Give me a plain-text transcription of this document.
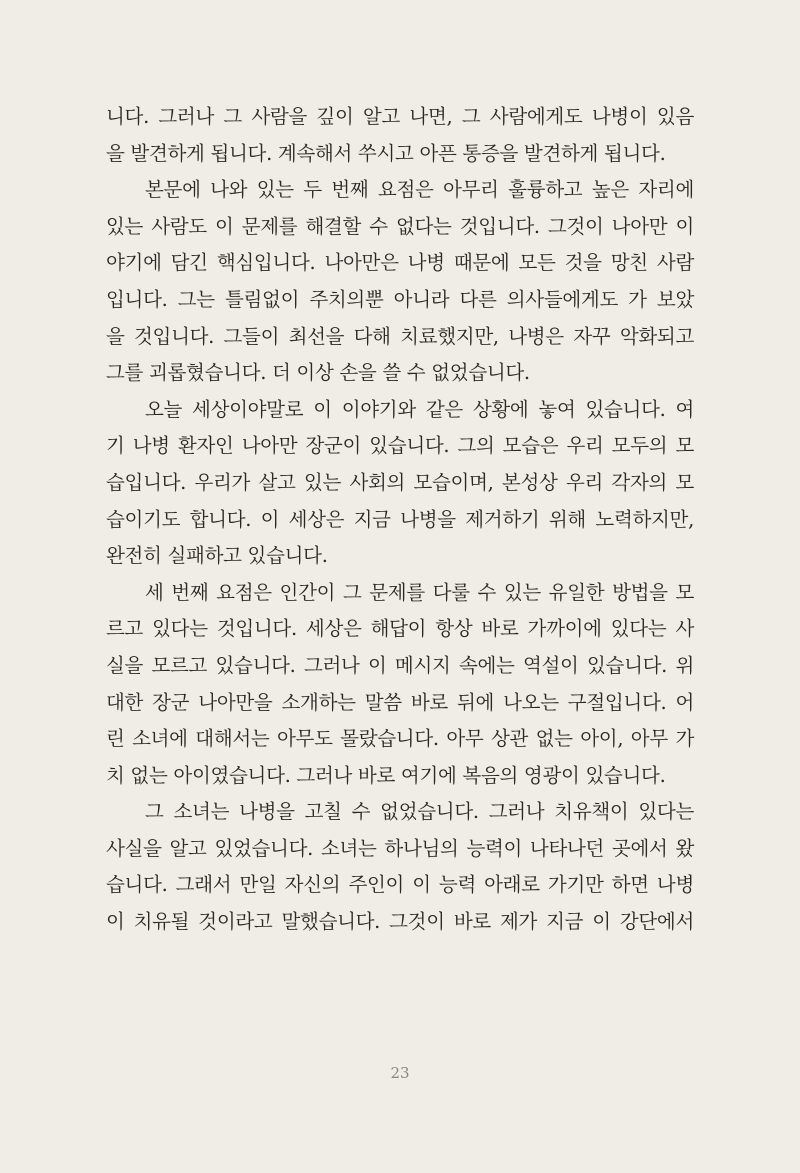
니다. 그러나 그 사람을 깊이 알고 나면, 그 사람에게도 나병이 있음
을 발견하게 됩니다. 계속해서 쑤시고 아픈 통증을 발견하게 됩니다.
본문에 나와 있는 두 번째 요점은 아무리 훌륭하고 높은 자리에
있는 사람도 이 문제를 해결할 수 없다는 것입니다. 그것이 나아만 이
야기에 담긴 핵심입니다. 나아만은 나병 때문에 모든 것을 망친 사람
입니다. 그는 틀림없이 주치의뿐 아니라 다른 의사들에게도 가 보았
을 것입니다. 그들이 최선을 다해 치료했지만, 나병은 자꾸 악화되고
그를 괴롭혔습니다. 더 이상 손을 쓸 수 없었습니다.
오늘 세상이야말로 이 이야기와 같은 상황에 놓여 있습니다. 여
기 나병 환자인 나아만 장군이 있습니다. 그의 모습은 우리 모두의 모
습입니다. 우리가 살고 있는 사회의 모습이며, 본성상 우리 각자의 모
습이기도 합니다. 이 세상은 지금 나병을 제거하기 위해 노력하지만,
완전히 실패하고 있습니다.
세 번째 요점은 인간이 그 문제를 다룰 수 있는 유일한 방법을 모
르고 있다는 것입니다. 세상은 해답이 항상 바로 가까이에 있다는 사
실을 모르고 있습니다. 그러나 이 메시지 속에는 역설이 있습니다. 위
대한 장군 나아만을 소개하는 말씀 바로 뒤에 나오는 구절입니다. 어
린 소녀에 대해서는 아무도 몰랐습니다. 아무 상관 없는 아이, 아무 가
치 없는 아이였습니다. 그러나 바로 여기에 복음의 영광이 있습니다.
그 소녀는 나병을 고칠 수 없었습니다. 그러나 치유책이 있다는
사실을 알고 있었습니다. 소녀는 하나님의 능력이 나타나던 곳에서 왔
습니다. 그래서 만일 자신의 주인이 이 능력 아래로 가기만 하면 나병
이 치유될 것이라고 말했습니다. 그것이 바로 제가 지금 이 강단에서
23
